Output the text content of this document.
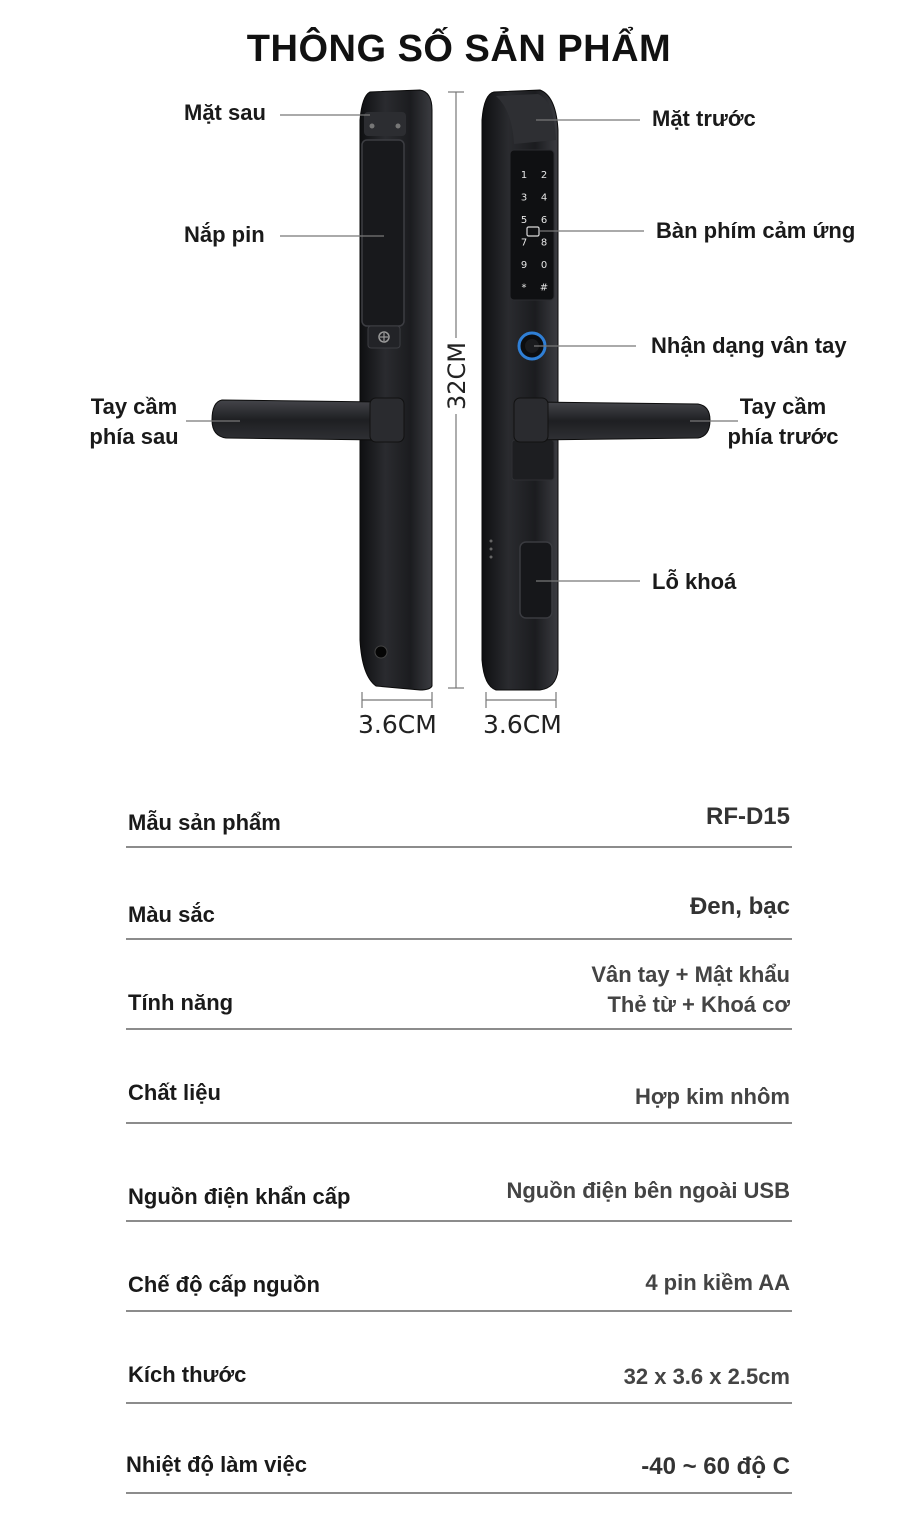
THÔNG SỐ SẢN PHẨM
1 2
3 4
5 6
7 8
9 0
* #
32CM
Mặt sau
Nắp pin
Tay cầm
phía sau
Mặt trước
Bàn phím cảm ứng
Nhận dạng vân tay
Tay cầm
phía trước
Lỗ khoá
3.6CM 3.6CM
Mẫu sản phẩm	RF-D15
Màu sắc	Đen, bạc
Tính năng
Vân tay + Mật khẩu
Thẻ từ + Khoá cơ
Chất liệu	Hợp kim nhôm
Nguồn điện khẩn cấp	Nguồn điện bên ngoài USB
Chế độ cấp nguồn	4 pin kiềm AA
Kích thước	32 x 3.6 x 2.5cm
Nhiệt độ làm việc	-40 ~ 60 độ C
